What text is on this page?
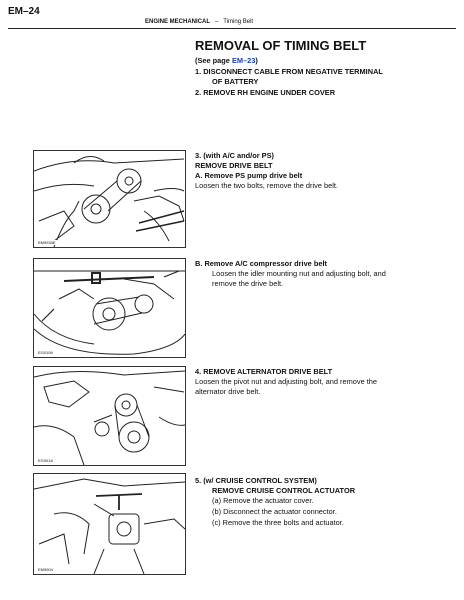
EM–24
ENGINE MECHANICAL – Timing Belt
REMOVAL OF TIMING BELT
(See page EM–23)
1. DISCONNECT CABLE FROM NEGATIVE TERMINAL
OF BATTERY
2. REMOVE RH ENGINE UNDER COVER
EM9934E
3. (with A/C and/or PS)
REMOVE DRIVE BELT
A. Remove PS pump drive belt
Loosen the two bolts, remove the drive belt.
EG0106
B. Remove A/C compressor drive belt
Loosen the idler mounting nut and adjusting bolt, and
remove the drive belt.
EG0018
4. REMOVE ALTERNATOR DRIVE BELT
Loosen the pivot nut and adjusting bolt, and remove the
alternator drive belt.
EM9904
5. (w/ CRUISE CONTROL SYSTEM)
REMOVE CRUISE CONTROL ACTUATOR
(a) Remove the actuator cover.
(b) Disconnect the actuator connector.
(c) Remove the three bolts and actuator.
